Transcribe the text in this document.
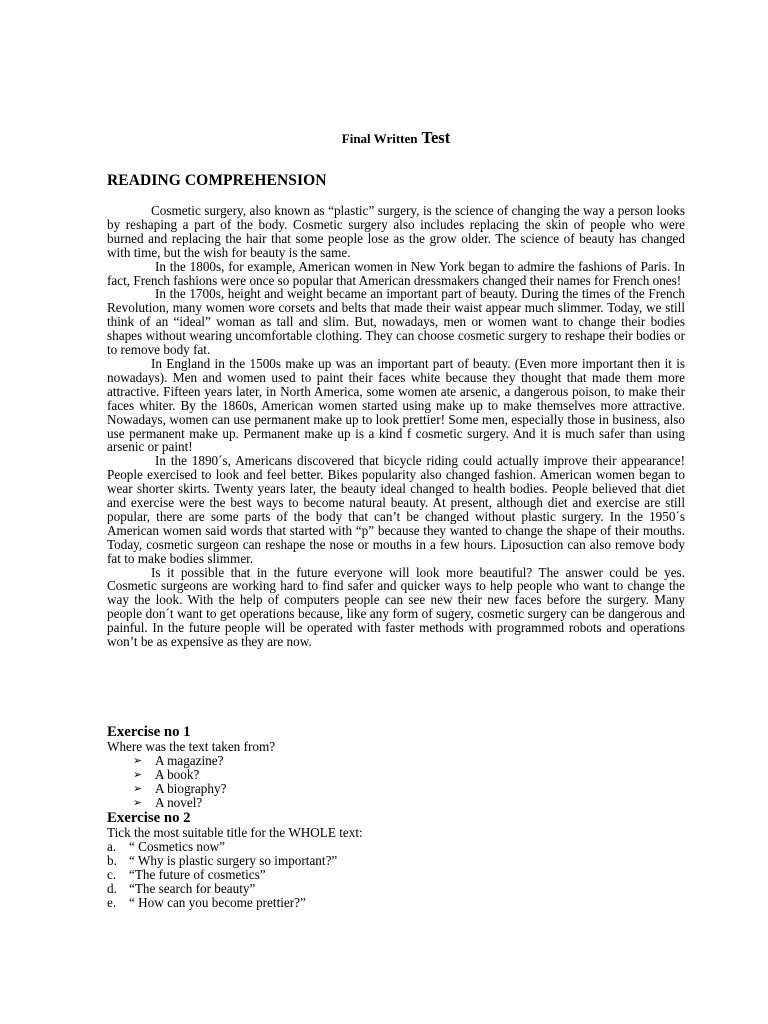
Final Written Test
READING COMPREHENSION

Cosmetic surgery, also known as “plastic” surgery, is the science of changing the way a person looks by reshaping a part of the body. Cosmetic surgery also includes replacing the skin of people who were burned and replacing the hair that some people lose as the grow older. The science of beauty has changed with time, but the wish for beauty is the same.

In the 1800s, for example, American women in New York began to admire the fashions of Paris. In fact, French fashions were once so popular that American dressmakers changed their names for French ones!

In the 1700s, height and weight became an important part of beauty. During the times of the French Revolution, many women wore corsets and belts that made their waist appear much slimmer. Today, we still think of an “ideal” woman as tall and slim. But, nowadays, men or women want to change their bodies shapes without wearing uncomfortable clothing. They can choose cosmetic surgery to reshape their bodies or to remove body fat.

In England in the 1500s make up was an important part of beauty. (Even more important then it is nowadays). Men and women used to paint their faces white because they thought that made them more attractive. Fifteen years later, in North America, some women ate arsenic, a dangerous poison, to make their faces whiter. By the 1860s, American women started using make up to make themselves more attractive. Nowadays, women can use permanent make up to look prettier! Some men, especially those in business, also use permanent make up. Permanent make up is a kind f cosmetic surgery. And it is much safer than using arsenic or paint!

In the 1890´s, Americans discovered that bicycle riding could actually improve their appearance! People exercised to look and feel better. Bikes popularity also changed fashion. American women began to wear shorter skirts. Twenty years later, the beauty ideal changed to health bodies. People believed that diet and exercise were the best ways to become natural beauty. At present, although diet and exercise are still popular, there are some parts of the body that can’t be changed without plastic surgery. In the 1950´s American women said words that started with “p” because they wanted to change the shape of their mouths. Today, cosmetic surgeon can reshape the nose or mouths in a few hours. Liposuction can also remove body fat to make bodies slimmer.

Is it possible that in the future everyone will look more beautiful? The answer could be yes. Cosmetic surgeons are working hard to find safer and quicker ways to help people who want to change the way the look. With the help of computers people can see new their new faces before the surgery. Many people don´t want to get operations because, like any form of sugery, cosmetic surgery can be dangerous and painful. In the future people will be operated with faster methods with programmed robots and operations won’t be as expensive as they are now.

Exercise no 1
Where was the text taken from?
➢ A magazine?
➢ A book?
➢ A biography?
➢ A novel?
Exercise no 2
Tick the most suitable title for the WHOLE text:
a. “ Cosmetics now”
b. “ Why is plastic surgery so important?”
c. “The future of cosmetics”
d. “The search for beauty”
e. “ How can you become prettier?”
